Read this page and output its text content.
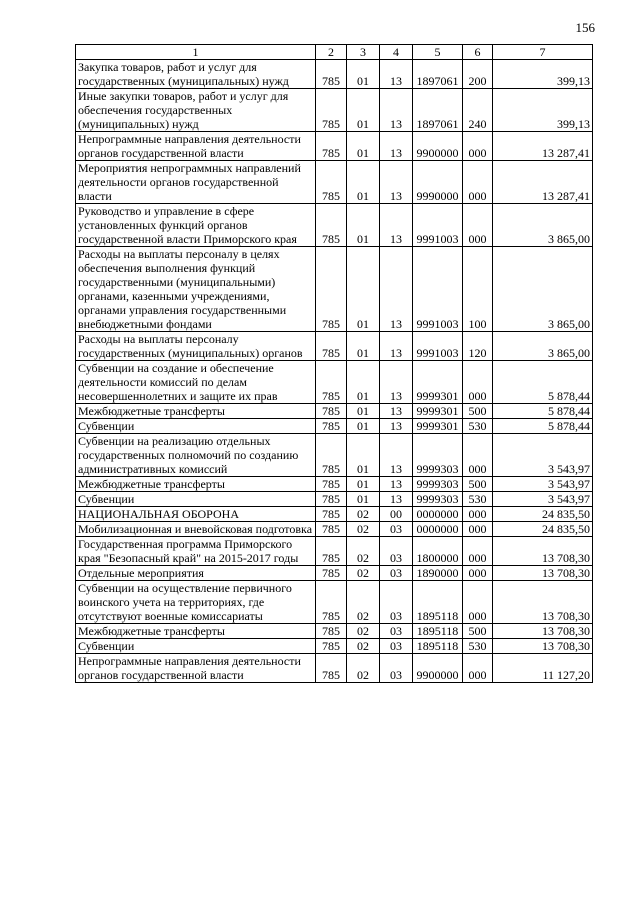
156
1	2	3	4	5	6	7
Закупка товаров, работ и услуг для государственных (муниципальных) нужд	785	01	13	1897061	200	399,13
Иные закупки товаров, работ и услуг для обеспечения государственных (муниципальных) нужд	785	01	13	1897061	240	399,13
Непрограммные направления деятельности органов государственной власти	785	01	13	9900000	000	13 287,41
Мероприятия непрограммных направлений деятельности органов государственной власти	785	01	13	9990000	000	13 287,41
Руководство и управление в сфере установленных функций органов государственной власти Приморского края	785	01	13	9991003	000	3 865,00
Расходы на выплаты персоналу в целях обеспечения выполнения функций государственными (муниципальными) органами, казенными учреждениями, органами управления государственными внебюджетными фондами	785	01	13	9991003	100	3 865,00
Расходы на выплаты персоналу государственных (муниципальных) органов	785	01	13	9991003	120	3 865,00
Субвенции на создание и обеспечение деятельности комиссий по делам несовершеннолетних и защите их прав	785	01	13	9999301	000	5 878,44
Межбюджетные трансферты	785	01	13	9999301	500	5 878,44
Субвенции	785	01	13	9999301	530	5 878,44
Субвенции на реализацию отдельных государственных полномочий по созданию административных комиссий	785	01	13	9999303	000	3 543,97
Межбюджетные трансферты	785	01	13	9999303	500	3 543,97
Субвенции	785	01	13	9999303	530	3 543,97
НАЦИОНАЛЬНАЯ ОБОРОНА	785	02	00	0000000	000	24 835,50
Мобилизационная и вневойсковая подготовка	785	02	03	0000000	000	24 835,50
Государственная программа Приморского края "Безопасный край" на 2015-2017 годы	785	02	03	1800000	000	13 708,30
Отдельные мероприятия	785	02	03	1890000	000	13 708,30
Субвенции на осуществление первичного воинского учета на территориях, где отсутствуют военные комиссариаты	785	02	03	1895118	000	13 708,30
Межбюджетные трансферты	785	02	03	1895118	500	13 708,30
Субвенции	785	02	03	1895118	530	13 708,30
Непрограммные направления деятельности органов государственной власти	785	02	03	9900000	000	11 127,20
